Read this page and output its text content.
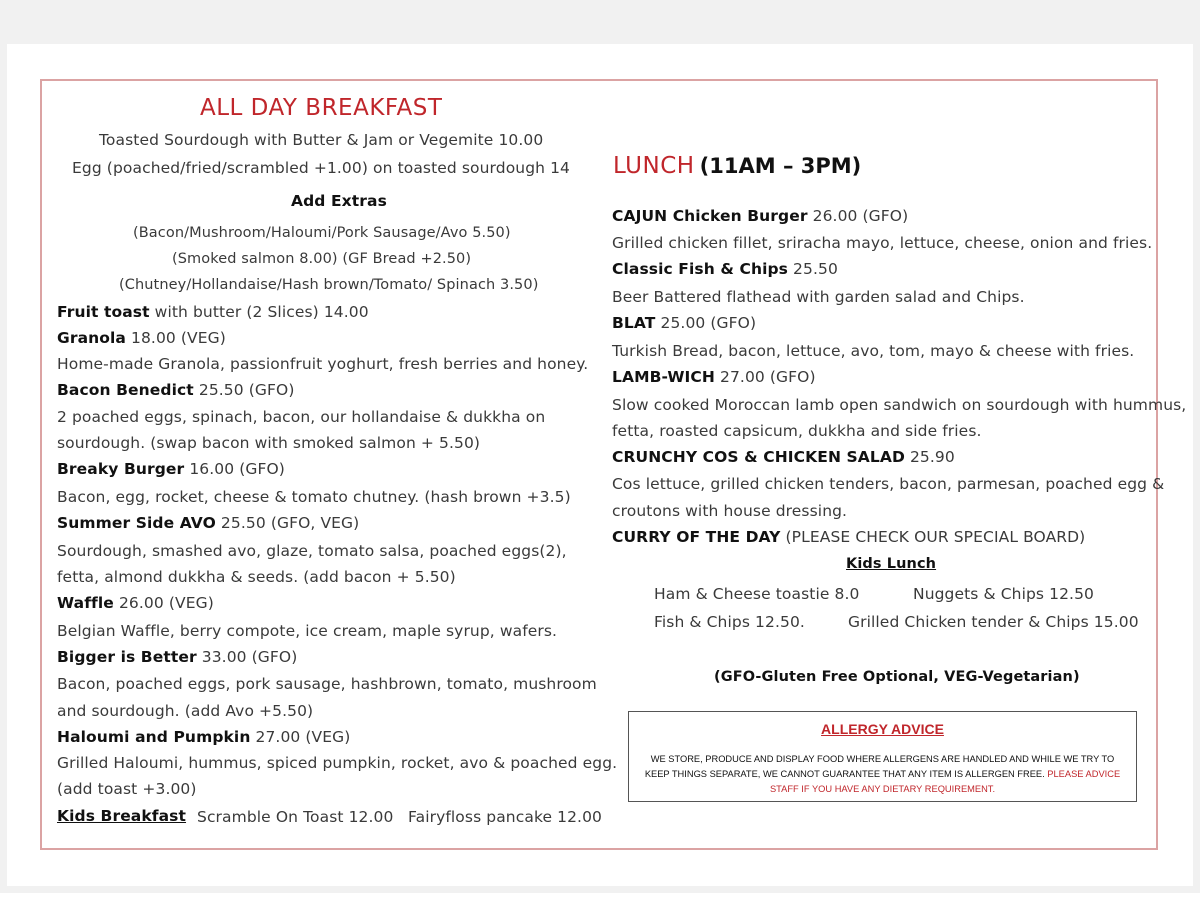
ALL DAY BREAKFAST
Toasted Sourdough with Butter & Jam or Vegemite 10.00
Egg (poached/fried/scrambled +1.00) on toasted sourdough 14
Add Extras
(Bacon/Mushroom/Haloumi/Pork Sausage/Avo 5.50)
(Smoked salmon 8.00) (GF Bread +2.50)
(Chutney/Hollandaise/Hash brown/Tomato/ Spinach 3.50)
Fruit toast with butter (2 Slices) 14.00
Granola 18.00 (VEG)
Home-made Granola, passionfruit yoghurt, fresh berries and honey.
Bacon Benedict 25.50 (GFO)
2 poached eggs, spinach, bacon, our hollandaise & dukkha on
sourdough. (swap bacon with smoked salmon + 5.50)
Breaky Burger 16.00 (GFO)
Bacon, egg, rocket, cheese & tomato chutney. (hash brown +3.5)
Summer Side AVO 25.50 (GFO, VEG)
Sourdough, smashed avo, glaze, tomato salsa, poached eggs(2),
fetta, almond dukkha & seeds. (add bacon + 5.50)
Waffle 26.00 (VEG)
Belgian Waffle, berry compote, ice cream, maple syrup, wafers.
Bigger is Better 33.00 (GFO)
Bacon, poached eggs, pork sausage, hashbrown, tomato, mushroom
and sourdough. (add Avo +5.50)
Haloumi and Pumpkin 27.00 (VEG)
Grilled Haloumi, hummus, spiced pumpkin, rocket, avo & poached egg.
(add toast +3.00)
Kids Breakfast Scramble On Toast 12.00 Fairyfloss pancake 12.00
LUNCH (11AM – 3PM)
CAJUN Chicken Burger 26.00 (GFO)
Grilled chicken fillet, sriracha mayo, lettuce, cheese, onion and fries.
Classic Fish & Chips 25.50
Beer Battered flathead with garden salad and Chips.
BLAT 25.00 (GFO)
Turkish Bread, bacon, lettuce, avo, tom, mayo & cheese with fries.
LAMB-WICH 27.00 (GFO)
Slow cooked Moroccan lamb open sandwich on sourdough with hummus,
fetta, roasted capsicum, dukkha and side fries.
CRUNCHY COS & CHICKEN SALAD 25.90
Cos lettuce, grilled chicken tenders, bacon, parmesan, poached egg &
croutons with house dressing.
CURRY OF THE DAY (PLEASE CHECK OUR SPECIAL BOARD)
Kids Lunch
Ham & Cheese toastie 8.0	Nuggets & Chips 12.50
Fish & Chips 12.50.	Grilled Chicken tender & Chips 15.00
(GFO-Gluten Free Optional, VEG-Vegetarian)
ALLERGY ADVICE
WE STORE, PRODUCE AND DISPLAY FOOD WHERE ALLERGENS ARE HANDLED AND WHILE WE TRY TO
KEEP THINGS SEPARATE, WE CANNOT GUARANTEE THAT ANY ITEM IS ALLERGEN FREE. PLEASE ADVICE
STAFF IF YOU HAVE ANY DIETARY REQUIREMENT.
